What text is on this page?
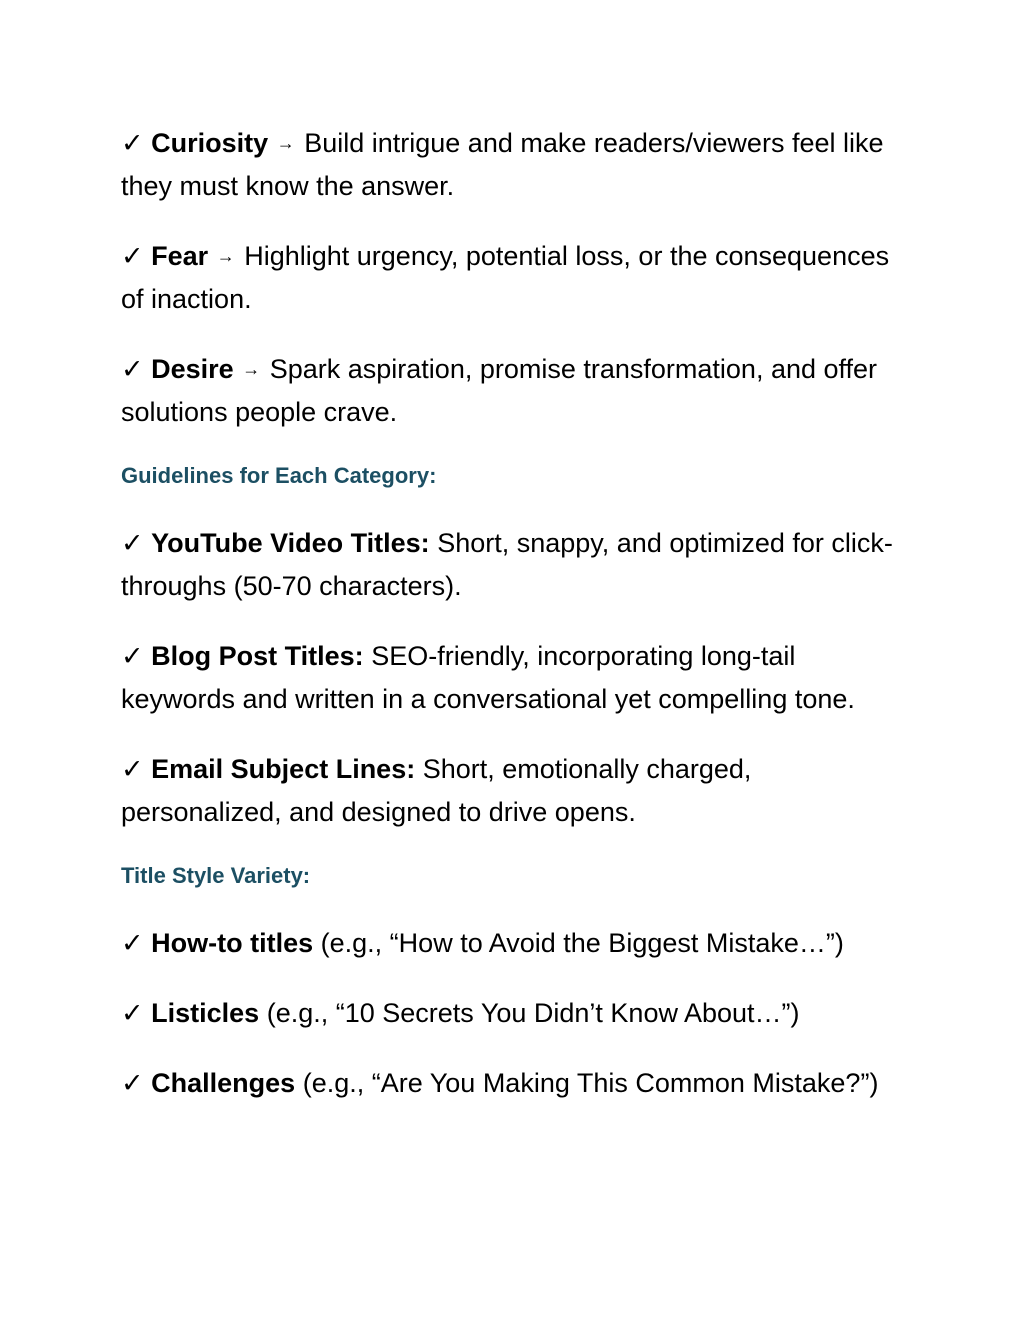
✓ Curiosity → Build intrigue and make readers/viewers feel like they must know the answer.

✓ Fear → Highlight urgency, potential loss, or the consequences of inaction.

✓ Desire → Spark aspiration, promise transformation, and offer solutions people crave.

Guidelines for Each Category:

✓ YouTube Video Titles: Short, snappy, and optimized for click-throughs (50-70 characters).

✓ Blog Post Titles: SEO-friendly, incorporating long-tail keywords and written in a conversational yet compelling tone.

✓ Email Subject Lines: Short, emotionally charged, personalized, and designed to drive opens.

Title Style Variety:

✓ How-to titles (e.g., “How to Avoid the Biggest Mistake…”)

✓ Listicles (e.g., “10 Secrets You Didn’t Know About…”)

✓ Challenges (e.g., “Are You Making This Common Mistake?”)
